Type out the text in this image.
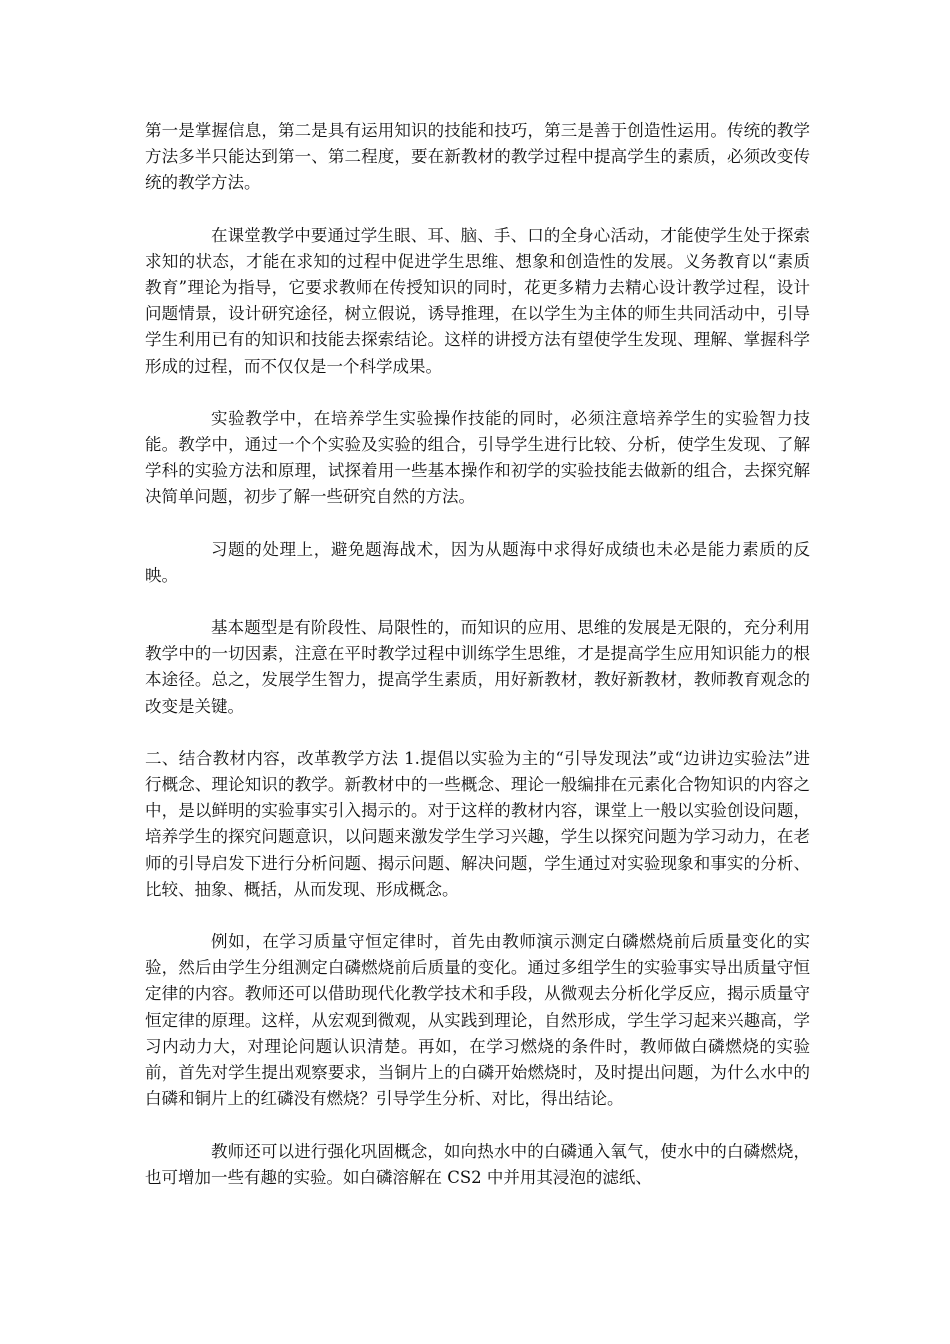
第一是掌握信息，第二是具有运用知识的技能和技巧，第三是善于创造性运用。传统的教学方法多半只能达到第一、第二程度，要在新教材的教学过程中提高学生的素质，必须改变传统的教学方法。

在课堂教学中要通过学生眼、耳、脑、手、口的全身心活动，才能使学生处于探索求知的状态，才能在求知的过程中促进学生思维、想象和创造性的发展。义务教育以“素质教育”理论为指导，它要求教师在传授知识的同时，花更多精力去精心设计教学过程，设计问题情景，设计研究途径，树立假说，诱导推理，在以学生为主体的师生共同活动中，引导学生利用已有的知识和技能去探索结论。这样的讲授方法有望使学生发现、理解、掌握科学形成的过程，而不仅仅是一个科学成果。

实验教学中，在培养学生实验操作技能的同时，必须注意培养学生的实验智力技能。教学中，通过一个个实验及实验的组合，引导学生进行比较、分析，使学生发现、了解学科的实验方法和原理，试探着用一些基本操作和初学的实验技能去做新的组合，去探究解决简单问题，初步了解一些研究自然的方法。

习题的处理上，避免题海战术，因为从题海中求得好成绩也未必是能力素质的反映。

基本题型是有阶段性、局限性的，而知识的应用、思维的发展是无限的，充分利用教学中的一切因素，注意在平时教学过程中训练学生思维，才是提高学生应用知识能力的根本途径。总之，发展学生智力，提高学生素质，用好新教材，教好新教材，教师教育观念的改变是关键。

二、结合教材内容，改革教学方法 1.提倡以实验为主的“引导发现法”或“边讲边实验法”进行概念、理论知识的教学。新教材中的一些概念、理论一般编排在元素化合物知识的内容之中，是以鲜明的实验事实引入揭示的。对于这样的教材内容，课堂上一般以实验创设问题，培养学生的探究问题意识，以问题来激发学生学习兴趣，学生以探究问题为学习动力，在老师的引导启发下进行分析问题、揭示问题、解决问题，学生通过对实验现象和事实的分析、比较、抽象、概括，从而发现、形成概念。

例如，在学习质量守恒定律时，首先由教师演示测定白磷燃烧前后质量变化的实验，然后由学生分组测定白磷燃烧前后质量的变化。通过多组学生的实验事实导出质量守恒定律的内容。教师还可以借助现代化教学技术和手段，从微观去分析化学反应，揭示质量守恒定律的原理。这样，从宏观到微观，从实践到理论，自然形成，学生学习起来兴趣高，学习内动力大，对理论问题认识清楚。再如，在学习燃烧的条件时，教师做白磷燃烧的实验前，首先对学生提出观察要求，当铜片上的白磷开始燃烧时，及时提出问题，为什么水中的白磷和铜片上的红磷没有燃烧？引导学生分析、对比，得出结论。

教师还可以进行强化巩固概念，如向热水中的白磷通入氧气，使水中的白磷燃烧，也可增加一些有趣的实验。如白磷溶解在 CS2 中并用其浸泡的滤纸、
